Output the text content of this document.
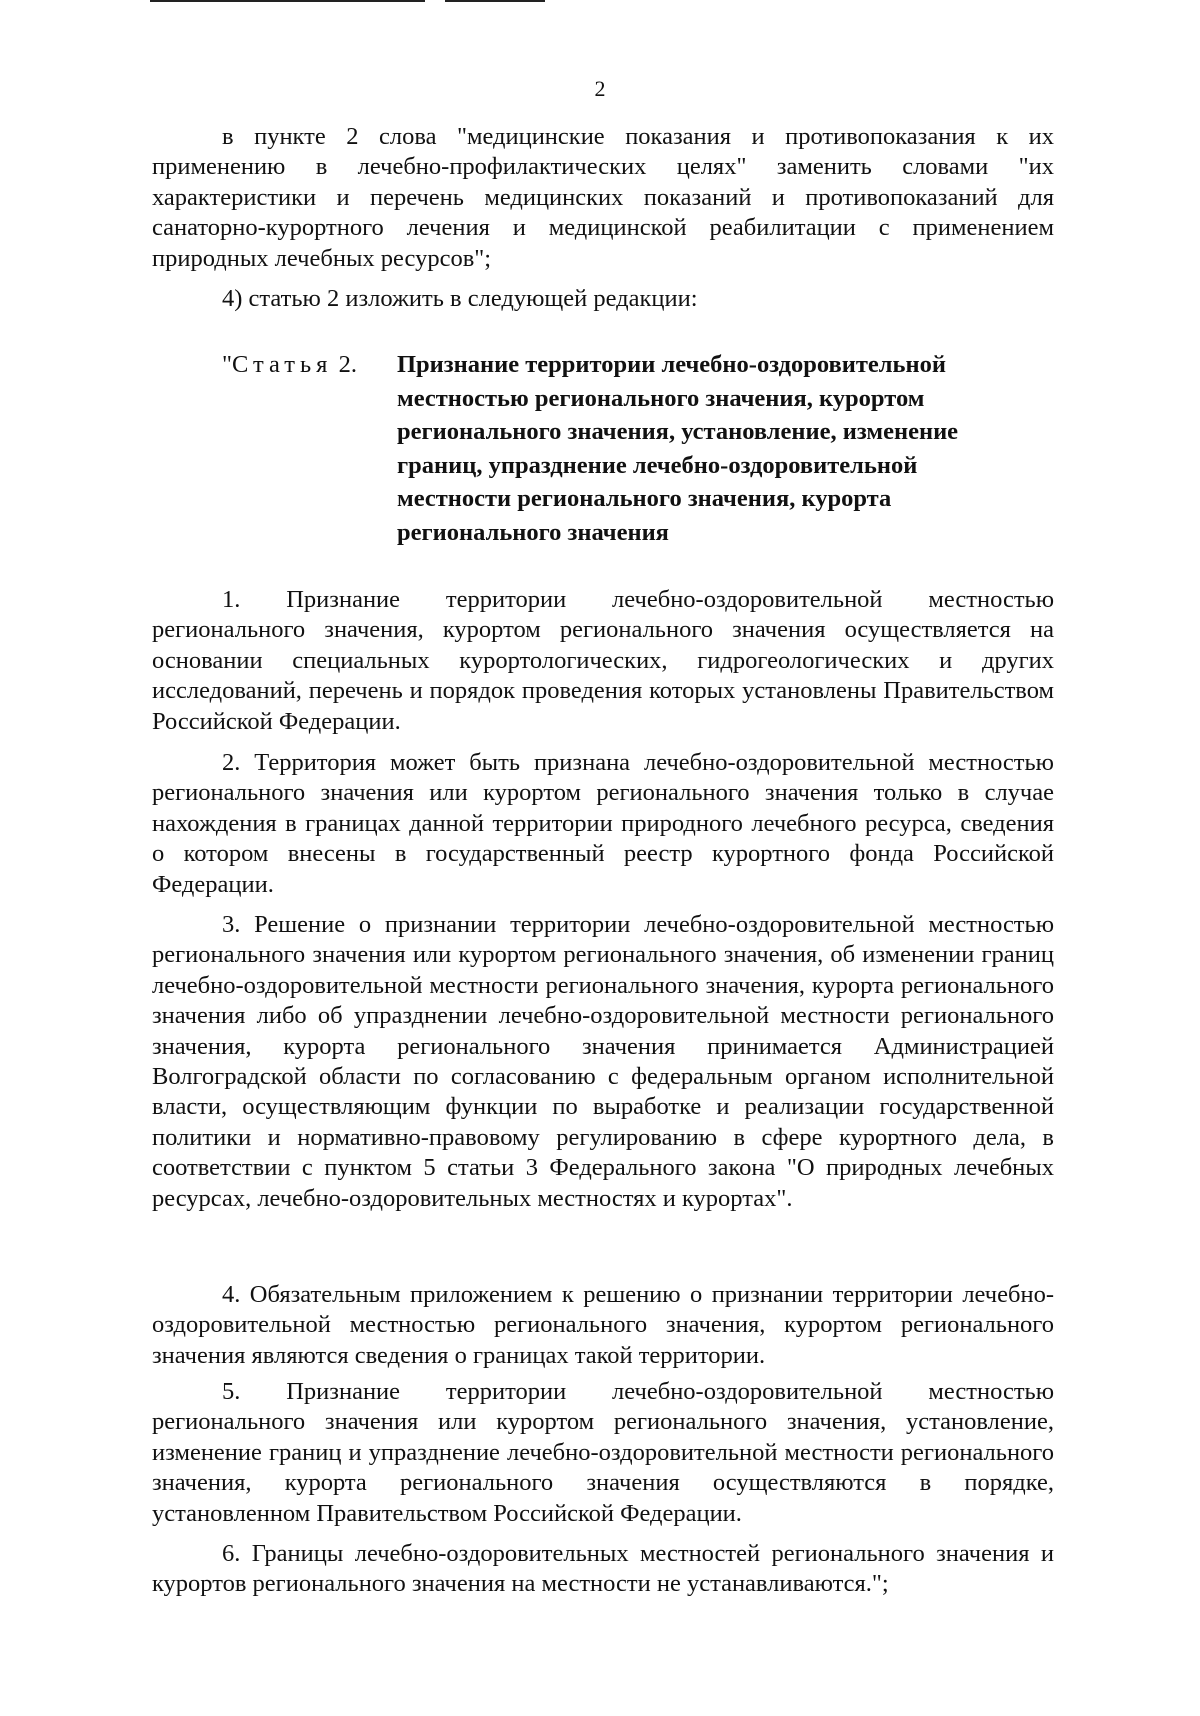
2

в пункте 2 слова "медицинские показания и противопоказания к их применению в лечебно-профилактических целях" заменить словами "их характеристики и перечень медицинских показаний и противопоказаний для санаторно-курортного лечения и медицинской реабилитации с применением природных лечебных ресурсов";

4) статью 2 изложить в следующей редакции:

"Статья 2. Признание территории лечебно-оздоровительной
местностью регионального значения, курортом
регионального значения, установление, изменение
границ, упразднение лечебно-оздоровительной
местности регионального значения, курорта
регионального значения

1. Признание территории лечебно-оздоровительной местностью регионального значения, курортом регионального значения осуществляется на основании специальных курортологических, гидрогеологических и других исследований, перечень и порядок проведения которых установлены Правительством Российской Федерации.

2. Территория может быть признана лечебно-оздоровительной местностью регионального значения или курортом регионального значения только в случае нахождения в границах данной территории природного лечебного ресурса, сведения о котором внесены в государственный реестр курортного фонда Российской Федерации.

3. Решение о признании территории лечебно-оздоровительной местностью регионального значения или курортом регионального значения, об изменении границ лечебно-оздоровительной местности регионального значения, курорта регионального значения либо об упразднении лечебно-оздоровительной местности регионального значения, курорта регионального значения принимается Администрацией Волгоградской области по согласованию с федеральным органом исполнительной власти, осуществляющим функции по выработке и реализации государственной политики и нормативно-правовому регулированию в сфере курортного дела, в соответствии с пунктом 5 статьи 3 Федерального закона "О природных лечебных ресурсах, лечебно-оздоровительных местностях и курортах".

4. Обязательным приложением к решению о признании территории лечебно-оздоровительной местностью регионального значения, курортом регионального значения являются сведения о границах такой территории.

5. Признание территории лечебно-оздоровительной местностью регионального значения или курортом регионального значения, установление, изменение границ и упразднение лечебно-оздоровительной местности регионального значения, курорта регионального значения осуществляются в порядке, установленном Правительством Российской Федерации.

6. Границы лечебно-оздоровительных местностей регионального значения и курортов регионального значения на местности не устанавливаются.";
